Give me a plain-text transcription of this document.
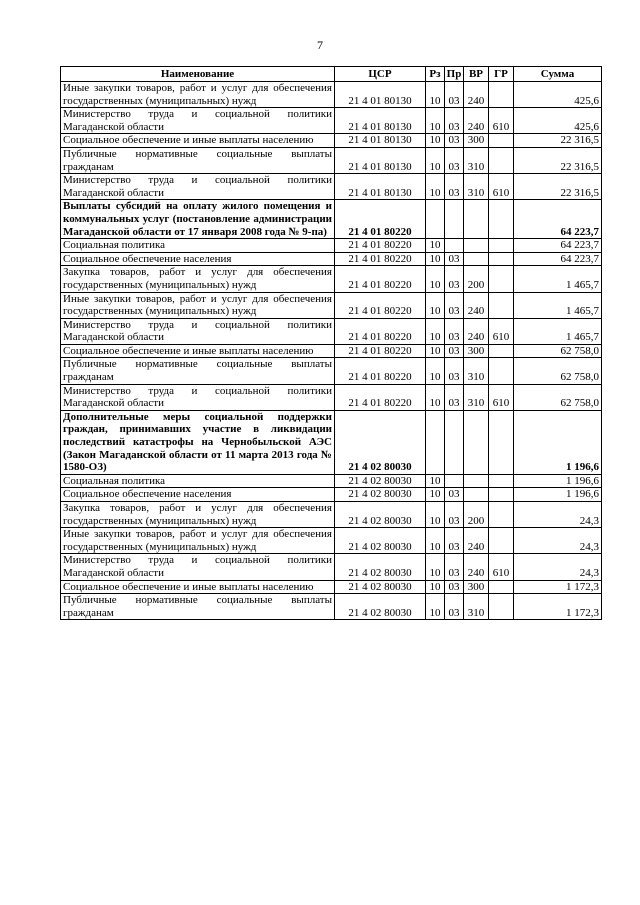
7
Наименование	ЦСР	Рз	Пр	ВР	ГР	Сумма
Иные закупки товаров, работ и услуг для обеспечения государственных (муниципальных) нужд	21 4 01 80130	10	03	240		425,6
Министерство труда и социальной политики Магаданской области	21 4 01 80130	10	03	240	610	425,6
Социальное обеспечение и иные выплаты населению	21 4 01 80130	10	03	300		22 316,5
Публичные нормативные социальные выплаты гражданам	21 4 01 80130	10	03	310		22 316,5
Министерство труда и социальной политики Магаданской области	21 4 01 80130	10	03	310	610	22 316,5
Выплаты субсидий на оплату жилого помещения и коммунальных услуг (постановление администрации Магаданской области от 17 января 2008 года № 9-па)	21 4 01 80220					64 223,7
Социальная политика	21 4 01 80220	10				64 223,7
Социальное обеспечение населения	21 4 01 80220	10	03			64 223,7
Закупка товаров, работ и услуг для обеспечения государственных (муниципальных) нужд	21 4 01 80220	10	03	200		1 465,7
Иные закупки товаров, работ и услуг для обеспечения государственных (муниципальных) нужд	21 4 01 80220	10	03	240		1 465,7
Министерство труда и социальной политики Магаданской области	21 4 01 80220	10	03	240	610	1 465,7
Социальное обеспечение и иные выплаты населению	21 4 01 80220	10	03	300		62 758,0
Публичные нормативные социальные выплаты гражданам	21 4 01 80220	10	03	310		62 758,0
Министерство труда и социальной политики Магаданской области	21 4 01 80220	10	03	310	610	62 758,0
Дополнительные меры социальной поддержки граждан, принимавших участие в ликвидации последствий катастрофы на Чернобыльской АЭС (Закон Магаданской области от 11 марта 2013 года № 1580-ОЗ)	21 4 02 80030					1 196,6
Социальная политика	21 4 02 80030	10				1 196,6
Социальное обеспечение населения	21 4 02 80030	10	03			1 196,6
Закупка товаров, работ и услуг для обеспечения государственных (муниципальных) нужд	21 4 02 80030	10	03	200		24,3
Иные закупки товаров, работ и услуг для обеспечения государственных (муниципальных) нужд	21 4 02 80030	10	03	240		24,3
Министерство труда и социальной политики Магаданской области	21 4 02 80030	10	03	240	610	24,3
Социальное обеспечение и иные выплаты населению	21 4 02 80030	10	03	300		1 172,3
Публичные нормативные социальные выплаты гражданам	21 4 02 80030	10	03	310		1 172,3
